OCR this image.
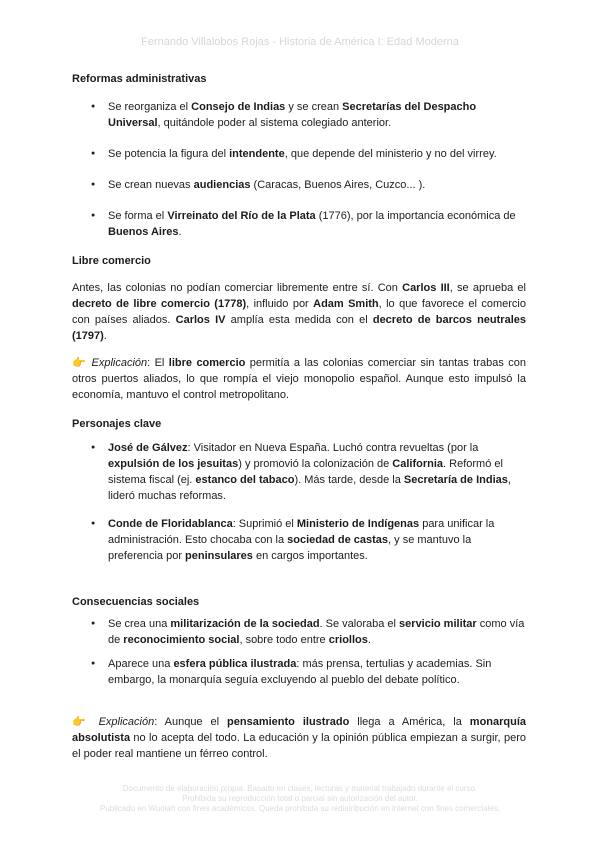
Fernando Villalobos Rojas - Historia de América I: Edad Moderna
Reformas administrativas
● Se reorganiza el Consejo de Indias y se crean Secretarías del Despacho Universal, quitándole poder al sistema colegiado anterior.
● Se potencia la figura del intendente, que depende del ministerio y no del virrey.
● Se crean nuevas audiencias (Caracas, Buenos Aires, Cuzco... ).
● Se forma el Virreinato del Río de la Plata (1776), por la importancia económica de Buenos Aires.
Libre comercio

Antes, las colonias no podían comerciar libremente entre sí. Con Carlos III, se aprueba el decreto de libre comercio (1778), influido por Adam Smith, lo que favorece el comercio con países aliados. Carlos IV amplía esta medida con el decreto de barcos neutrales (1797).

👉 Explicación: El libre comercio permitía a las colonias comerciar sin tantas trabas con otros puertos aliados, lo que rompía el viejo monopolio español. Aunque esto impulsó la economía, mantuvo el control metropolitano.

Personajes clave
● José de Gálvez: Visitador en Nueva España. Luchó contra revueltas (por la expulsión de los jesuitas) y promovió la colonización de California. Reformó el sistema fiscal (ej. estanco del tabaco). Más tarde, desde la Secretaría de Indias, lideró muchas reformas.
● Conde de Floridablanca: Suprimió el Ministerio de Indígenas para unificar la administración. Esto chocaba con la sociedad de castas, y se mantuvo la preferencia por peninsulares en cargos importantes.
Consecuencias sociales
● Se crea una militarización de la sociedad. Se valoraba el servicio militar como vía de reconocimiento social, sobre todo entre criollos.
● Aparece una esfera pública ilustrada: más prensa, tertulias y academias. Sin embargo, la monarquía seguía excluyendo al pueblo del debate político.

👉 Explicación: Aunque el pensamiento ilustrado llega a América, la monarquía absolutista no lo acepta del todo. La educación y la opinión pública empiezan a surgir, pero el poder real mantiene un férreo control.

Documento de elaboración propia. Basado en clases, lecturas y material trabajado durante el curso.
Prohibida su reproducción total o parcial sin autorización del autor.
Publicado en Wuolah con fines académicos. Queda prohibida su redistribución en internet con fines comerciales.
